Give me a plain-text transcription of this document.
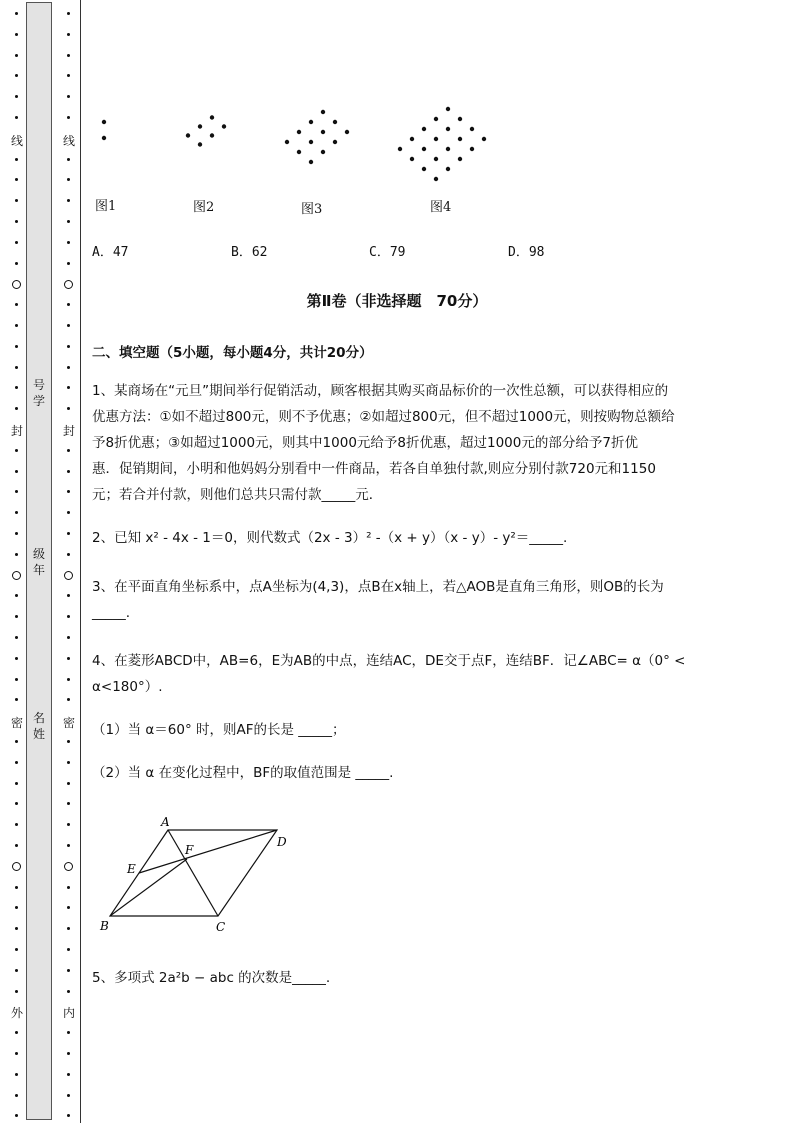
线
封
密
外
线
封
密
内
号
学
级
年
名
姓
图1	图2	图3	图4
A．47	B．62	C．79	D．98
第Ⅱ卷（非选择题　70分）
二、填空题（5小题，每小题4分，共计20分）
1、某商场在“元旦”期间举行促销活动，顾客根据其购买商品标价的一次性总额，可以获得相应的
优惠方法：①如不超过800元，则不予优惠；②如超过800元，但不超过1000元，则按购物总额给
予8折优惠；③如超过1000元，则其中1000元给予8折优惠，超过1000元的部分给予7折优
惠．促销期间，小明和他妈妈分别看中一件商品，若各自单独付款,则应分别付款720元和1150
元；若合并付款，则他们总共只需付款_____元．
2、已知 x² - 4x - 1＝0，则代数式（2x - 3）² -（x + y）（x - y）- y²＝_____.
3、在平面直角坐标系中，点A坐标为(4,3)，点B在x轴上，若△AOB是直角三角形，则OB的长为
_____.
4、在菱形ABCD中，AB=6，E为AB的中点，连结AC，DE交于点F，连结BF．记∠ABC= α（0° <
α<180°）.
（1）当 α＝60° 时，则AF的长是 _____；
（2）当 α 在变化过程中，BF的取值范围是 _____.
A
D
B	C
E
F
5、多项式 2a²b − abc 的次数是_____.
